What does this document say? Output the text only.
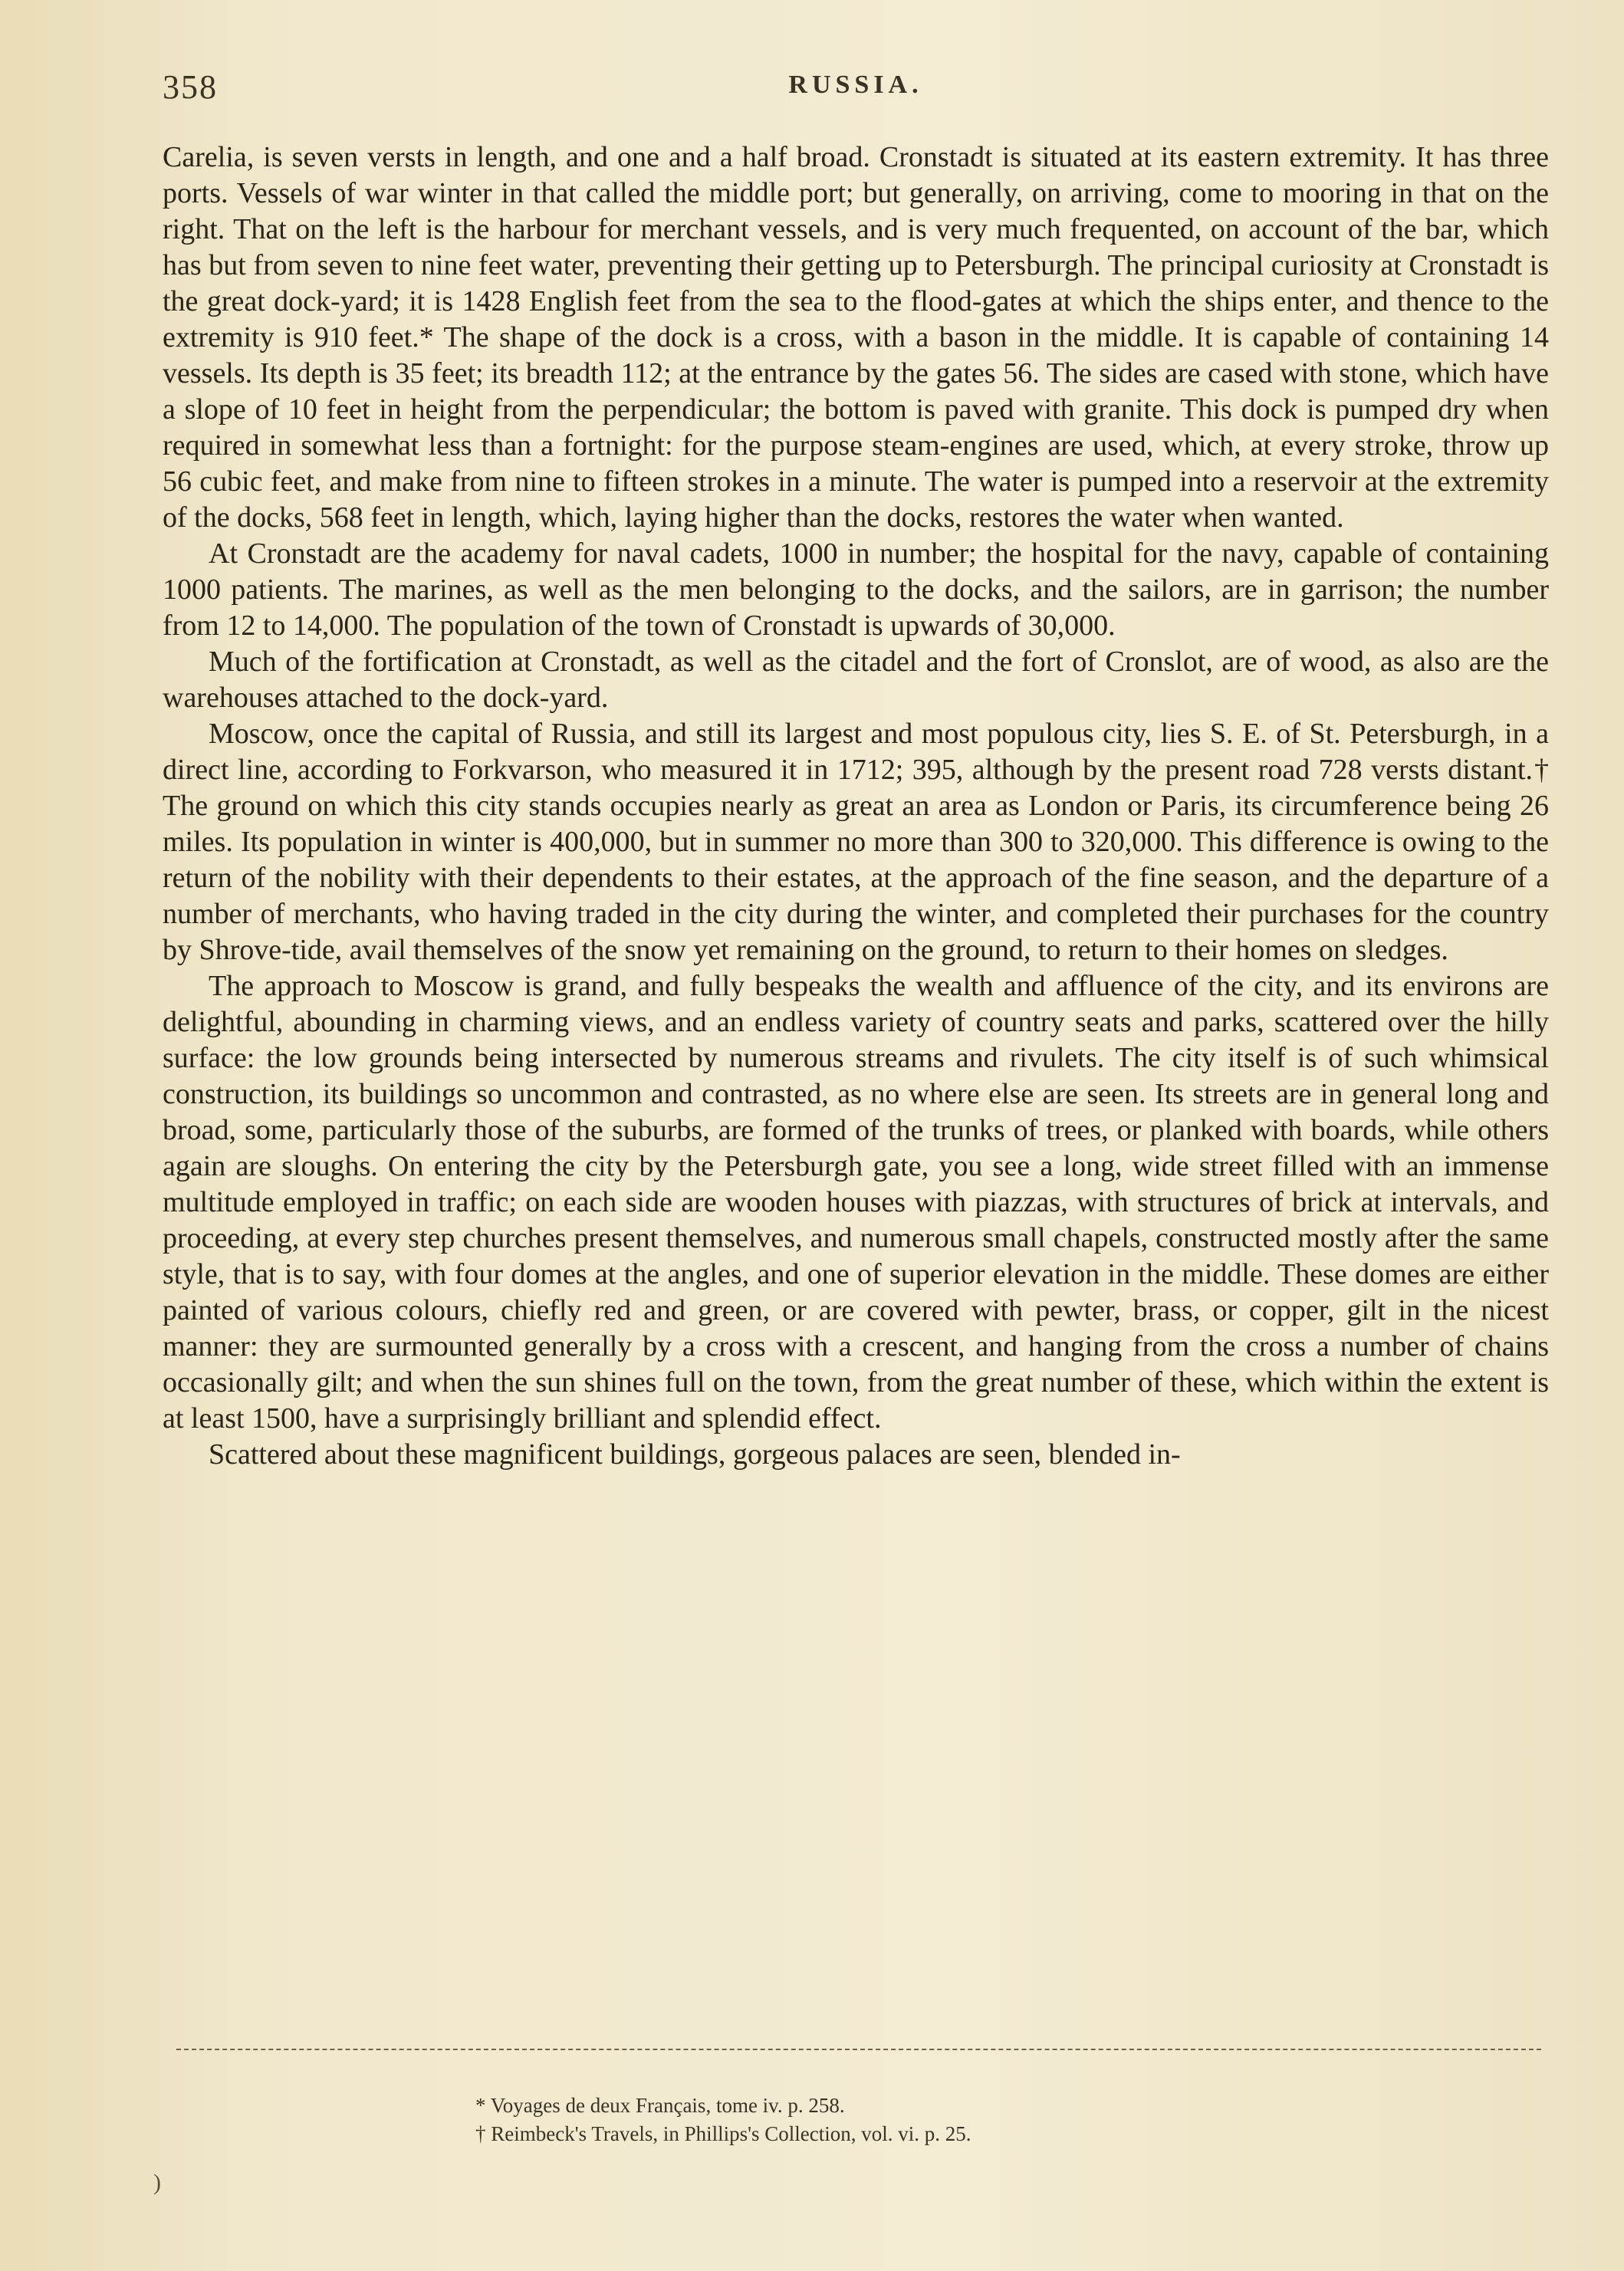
358	RUSSIA.

Carelia, is seven versts in length, and one and a half broad. Cronstadt is situated at its eastern extremity. It has three ports. Vessels of war winter in that called the middle port; but generally, on arriving, come to mooring in that on the right. That on the left is the harbour for merchant vessels, and is very much frequented, on account of the bar, which has but from seven to nine feet water, preventing their getting up to Petersburgh. The principal curiosity at Cronstadt is the great dock-yard; it is 1428 English feet from the sea to the flood-gates at which the ships enter, and thence to the extremity is 910 feet.* The shape of the dock is a cross, with a bason in the middle. It is capable of containing 14 vessels. Its depth is 35 feet; its breadth 112; at the entrance by the gates 56. The sides are cased with stone, which have a slope of 10 feet in height from the perpendicular; the bottom is paved with granite. This dock is pumped dry when required in somewhat less than a fortnight: for the purpose steam-engines are used, which, at every stroke, throw up 56 cubic feet, and make from nine to fifteen strokes in a minute. The water is pumped into a reservoir at the extremity of the docks, 568 feet in length, which, laying higher than the docks, restores the water when wanted.

At Cronstadt are the academy for naval cadets, 1000 in number; the hospital for the navy, capable of containing 1000 patients. The marines, as well as the men belonging to the docks, and the sailors, are in garrison; the number from 12 to 14,000. The population of the town of Cronstadt is upwards of 30,000.

Much of the fortification at Cronstadt, as well as the citadel and the fort of Cronslot, are of wood, as also are the warehouses attached to the dock-yard.

Moscow, once the capital of Russia, and still its largest and most populous city, lies S. E. of St. Petersburgh, in a direct line, according to Forkvarson, who measured it in 1712; 395, although by the present road 728 versts distant.† The ground on which this city stands occupies nearly as great an area as London or Paris, its circumference being 26 miles. Its population in winter is 400,000, but in summer no more than 300 to 320,000. This difference is owing to the return of the nobility with their dependents to their estates, at the approach of the fine season, and the departure of a number of merchants, who having traded in the city during the winter, and completed their purchases for the country by Shrove-tide, avail themselves of the snow yet remaining on the ground, to return to their homes on sledges.

The approach to Moscow is grand, and fully bespeaks the wealth and affluence of the city, and its environs are delightful, abounding in charming views, and an endless variety of country seats and parks, scattered over the hilly surface: the low grounds being intersected by numerous streams and rivulets. The city itself is of such whimsical construction, its buildings so uncommon and contrasted, as no where else are seen. Its streets are in general long and broad, some, particularly those of the suburbs, are formed of the trunks of trees, or planked with boards, while others again are sloughs. On entering the city by the Petersburgh gate, you see a long, wide street filled with an immense multitude employed in traffic; on each side are wooden houses with piazzas, with structures of brick at intervals, and proceeding, at every step churches present themselves, and numerous small chapels, constructed mostly after the same style, that is to say, with four domes at the angles, and one of superior elevation in the middle. These domes are either painted of various colours, chiefly red and green, or are covered with pewter, brass, or copper, gilt in the nicest manner: they are surmounted generally by a cross with a crescent, and hanging from the cross a number of chains occasionally gilt; and when the sun shines full on the town, from the great number of these, which within the extent is at least 1500, have a surprisingly brilliant and splendid effect.

Scattered about these magnificent buildings, gorgeous palaces are seen, blended in-

* Voyages de deux Français, tome iv. p. 258.

† Reimbeck's Travels, in Phillips's Collection, vol. vi. p. 25.

)
